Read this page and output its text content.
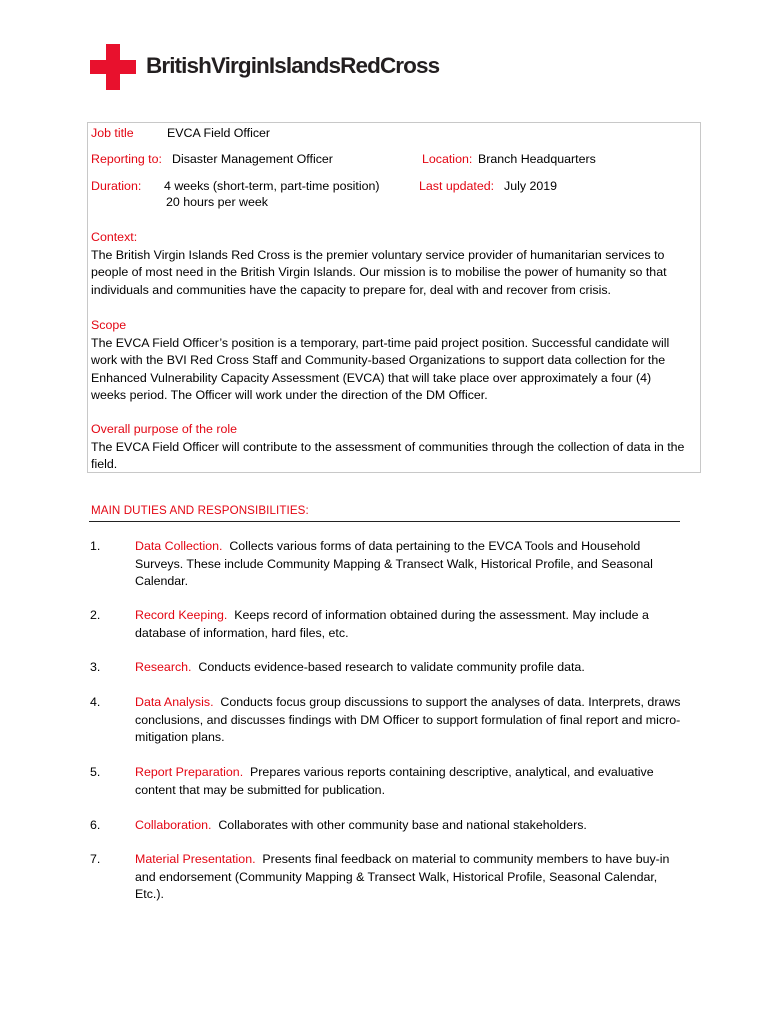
BritishVirginIslandsRedCross
Job title	EVCA Field Officer
Reporting to: Disaster Management Officer	Location: Branch Headquarters
Duration: 4 weeks (short-term, part-time position)
20 hours per week
Last updated: July 2019
Context:
The British Virgin Islands Red Cross is the premier voluntary service provider of humanitarian services to people of most need in the British Virgin Islands. Our mission is to mobilise the power of humanity so that individuals and communities have the capacity to prepare for, deal with and recover from crisis.
Scope
The EVCA Field Officer’s position is a temporary, part-time paid project position. Successful candidate will work with the BVI Red Cross Staff and Community-based Organizations to support data collection for the Enhanced Vulnerability Capacity Assessment (EVCA) that will take place over approximately a four (4) weeks period. The Officer will work under the direction of the DM Officer.
Overall purpose of the role
The EVCA Field Officer will contribute to the assessment of communities through the collection of data in the field.
MAIN DUTIES AND RESPONSIBILITIES:
1.	Data Collection. Collects various forms of data pertaining to the EVCA Tools and Household Surveys. These include Community Mapping & Transect Walk, Historical Profile, and Seasonal Calendar.
2.	Record Keeping. Keeps record of information obtained during the assessment. May include a database of information, hard files, etc.
3.	Research. Conducts evidence-based research to validate community profile data.
4.	Data Analysis. Conducts focus group discussions to support the analyses of data. Interprets, draws conclusions, and discusses findings with DM Officer to support formulation of final report and micro-mitigation plans.
5.	Report Preparation. Prepares various reports containing descriptive, analytical, and evaluative content that may be submitted for publication.
6.	Collaboration. Collaborates with other community base and national stakeholders.
7.	Material Presentation. Presents final feedback on material to community members to have buy-in and endorsement (Community Mapping & Transect Walk, Historical Profile, Seasonal Calendar, Etc.).
